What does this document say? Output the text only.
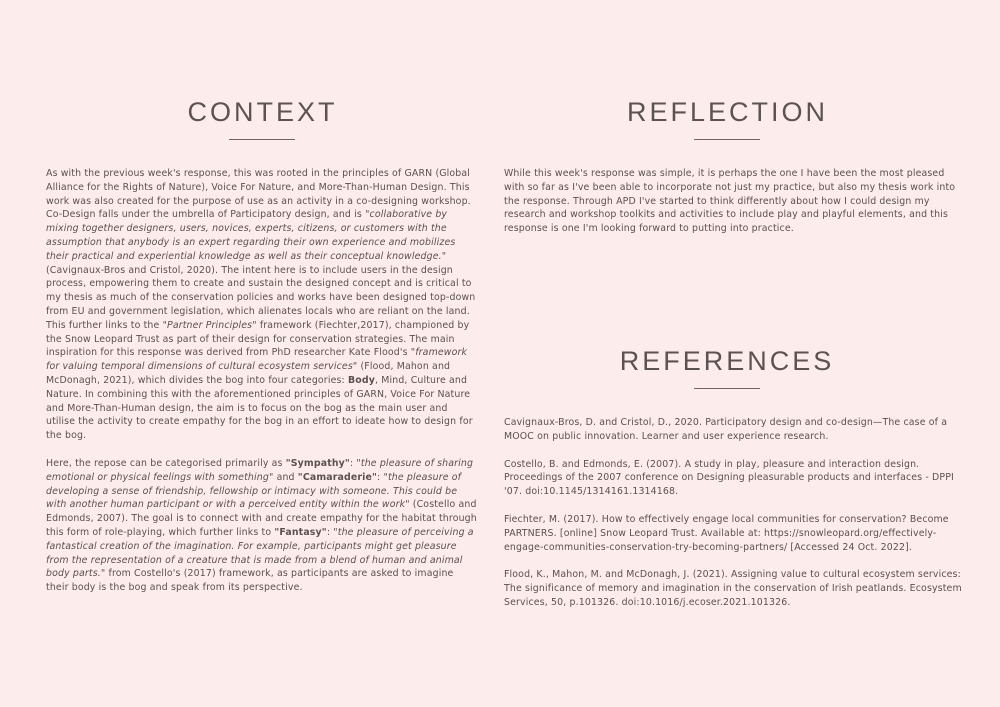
CONTEXT

As with the previous week's response, this was rooted in the principles of GARN (Global Alliance for the Rights of Nature), Voice For Nature, and More-Than-Human Design. This work was also created for the purpose of use as an activity in a co-designing workshop. Co-Design falls under the umbrella of Participatory design, and is "collaborative by mixing together designers, users, novices, experts, citizens, or customers with the assumption that anybody is an expert regarding their own experience and mobilizes their practical and experiential knowledge as well as their conceptual knowledge." (Cavignaux-Bros and Cristol, 2020). The intent here is to include users in the design process, empowering them to create and sustain the designed concept and is critical to my thesis as much of the conservation policies and works have been designed top-down from EU and government legislation, which alienates locals who are reliant on the land. This further links to the "Partner Principles" framework (Fiechter,2017), championed by the Snow Leopard Trust as part of their design for conservation strategies. The main inspiration for this response was derived from PhD researcher Kate Flood's "framework for valuing temporal dimensions of cultural ecosystem services" (Flood, Mahon and McDonagh, 2021), which divides the bog into four categories: Body, Mind, Culture and Nature. In combining this with the aforementioned principles of GARN, Voice For Nature and More-Than-Human design, the aim is to focus on the bog as the main user and utilise the activity to create empathy for the bog in an effort to ideate how to design for the bog.

Here, the repose can be categorised primarily as "Sympathy": "the pleasure of sharing emotional or physical feelings with something" and "Camaraderie": "the pleasure of developing a sense of friendship, fellowship or intimacy with someone. This could be with another human participant or with a perceived entity within the work" (Costello and Edmonds, 2007). The goal is to connect with and create empathy for the habitat through this form of role-playing, which further links to "Fantasy": "the pleasure of perceiving a fantastical creation of the imagination. For example, participants might get pleasure from the representation of a creature that is made from a blend of human and animal body parts." from Costello's (2017) framework, as participants are asked to imagine their body is the bog and speak from its perspective.

REFLECTION

While this week's response was simple, it is perhaps the one I have been the most pleased with so far as I've been able to incorporate not just my practice, but also my thesis work into the response. Through APD I've started to think differently about how I could design my research and workshop toolkits and activities to include play and playful elements, and this response is one I'm looking forward to putting into practice.

REFERENCES

Cavignaux-Bros, D. and Cristol, D., 2020. Participatory design and co-design—The case of a MOOC on public innovation. Learner and user experience research.

Costello, B. and Edmonds, E. (2007). A study in play, pleasure and interaction design. Proceedings of the 2007 conference on Designing pleasurable products and interfaces - DPPI '07. doi:10.1145/1314161.1314168.

Fiechter, M. (2017). How to effectively engage local communities for conservation? Become PARTNERS. [online] Snow Leopard Trust. Available at: https://snowleopard.org/effectively-engage-communities-conservation-try-becoming-partners/ [Accessed 24 Oct. 2022].

Flood, K., Mahon, M. and McDonagh, J. (2021). Assigning value to cultural ecosystem services: The significance of memory and imagination in the conservation of Irish peatlands. Ecosystem Services, 50, p.101326. doi:10.1016/j.ecoser.2021.101326.
